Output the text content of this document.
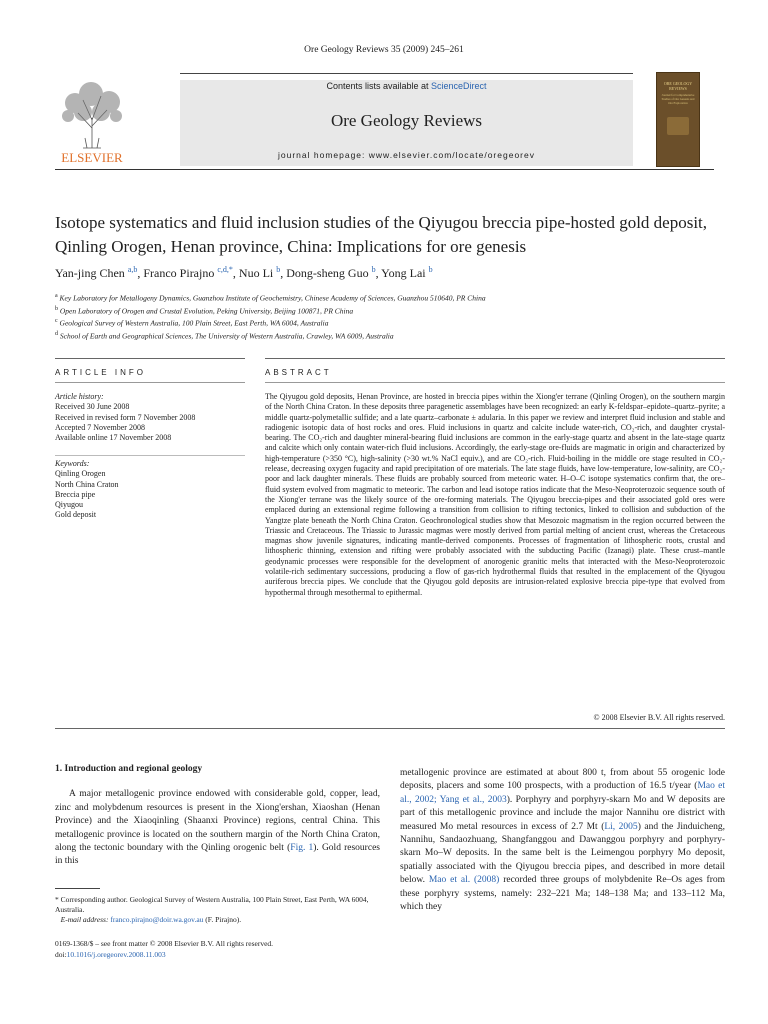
Ore Geology Reviews 35 (2009) 245–261
ELSEVIER
Contents lists available at ScienceDirect
Ore Geology Reviews
journal homepage: www.elsevier.com/locate/oregeorev
ORE GEOLOGY REVIEWS
Journal for Comprehensive Studies of Ore Genesis and Ore Exploration
Isotope systematics and fluid inclusion studies of the Qiyugou breccia pipe-hosted gold deposit, Qinling Orogen, Henan province, China: Implications for ore genesis
Yan-jing Chen $^{a,b}$, Franco Pirajno $^{c,d,*}$, Nuo Li $^b$, Dong-sheng Guo $^b$, Yong Lai $^b$
$^a$ Key Laboratory for Metallogeny Dynamics, Guanzhou Institute of Geochemistry, Chinese Academy of Sciences, Guanzhou 510640, PR China
$^b$ Open Laboratory of Orogen and Crustal Evolution, Peking University, Beijing 100871, PR China
$^c$ Geological Survey of Western Australia, 100 Plain Street, East Perth, WA 6004, Australia
$^d$ School of Earth and Geographical Sciences, The University of Western Australia, Crawley, WA 6009, Australia
ARTICLE INFO	ABSTRACT
Article history:
Received 30 June 2008
Received in revised form 7 November 2008
Accepted 7 November 2008
Available online 17 November 2008
Keywords:
Qinling Orogen
North China Craton
Breccia pipe
Qiyugou
Gold deposit
The Qiyugou gold deposits, Henan Province, are hosted in breccia pipes within the Xiong'er terrane (Qinling Orogen), on the southern margin of the North China Craton. In these deposits three paragenetic assemblages have been recognized: an early K-feldspar–epidote–quartz–pyrite; a middle quartz-polymetallic sulfide; and a late quartz–carbonate ± adularia. In this paper we review and interpret fluid inclusion and stable and radiogenic isotopic data of host rocks and ores. Fluid inclusions in quartz and calcite include water-rich, CO₂-rich, and daughter crystal-bearing. The CO₂-rich and daughter mineral-bearing fluid inclusions are common in the early-stage quartz and absent in the late-stage quartz and calcite which only contain water-rich fluid inclusions. Accordingly, the early-stage ore-fluids are magmatic in origin and characterized by high-temperature (>350 °C), high-salinity (>30 wt.% NaCl equiv.), and are CO₂-rich. Fluid-boiling in the middle ore stage resulted in CO₂-release, decreasing oxygen fugacity and rapid precipitation of ore materials. The late stage fluids, have low-temperature, low-salinity, are CO₂-poor and lack daughter minerals. These fluids are probably sourced from meteoric water. H–O–C isotope systematics confirm that, the ore–fluid system evolved from magmatic to meteoric. The carbon and lead isotope ratios indicate that the Meso-Neoproterozoic sequence south of the Xiong'er terrane was the likely source of the ore-forming materials. The Qiyugou breccia-pipes and their associated gold ores were emplaced during an extensional regime following a transition from collision to rifting tectonics, linked to collision and subduction of the Yangtze plate beneath the North China Craton. Geochronological studies show that Mesozoic magmatism in the region occurred between the Triassic and Cretaceous. The Triassic to Jurassic magmas were mostly derived from partial melting of ancient crust, whereas the Cretaceous magmas show juvenile signatures, indicating mantle-derived components. Processes of fragmentation of lithospheric roots, crustal and lithospheric thinning, extension and rifting were probably associated with the subducting Pacific (Izanagi) plate. These crust–mantle geodynamic processes were responsible for the development of anorogenic granitic melts that interacted with the Meso-Neoproterozoic volatile-rich sedimentary successions, producing a flow of gas-rich hydrothermal fluids that resulted in the emplacement of the Qiyugou auriferous breccia pipes. We conclude that the Qiyugou gold deposits are intrusion-related explosive breccia pipe-type that evolved from hypothermal through mesothermal to epithermal.
© 2008 Elsevier B.V. All rights reserved.
1. Introduction and regional geology

A major metallogenic province endowed with considerable gold, copper, lead, zinc and molybdenum resources is present in the Xiong'ershan, Xiaoshan (Henan Province) and the Xiaoqinling (Shaanxi Province) regions, central China. This metallogenic province is located on the southern margin of the North China Craton, along the tectonic boundary with the Qinling orogenic belt (Fig. 1). Gold resources in this

metallogenic province are estimated at about 800 t, from about 55 orogenic lode deposits, placers and some 100 prospects, with a production of 16.5 t/year (Mao et al., 2002; Yang et al., 2003). Porphyry and porphyry-skarn Mo and W deposits are part of this metallogenic province and include the major Nannihu ore district with measured Mo metal resources in excess of 2.7 Mt (Li, 2005) and the Jinduicheng, Nannihu, Sandaozhuang, Shangfanggou and Dawanggou porphyry and porphyry-skarn Mo–W deposits. In the same belt is the Leimengou porphyry Mo deposit, spatially associated with the Qiyugou breccia pipes, and described in more detail below. Mao et al. (2008) recorded three groups of molybdenite Re–Os ages from these porphyry systems, namely: 232–221 Ma; 148–138 Ma; and 133–112 Ma, which they

* Corresponding author. Geological Survey of Western Australia, 100 Plain Street, East Perth, WA 6004, Australia.

E-mail address: franco.pirajno@doir.wa.gov.au (F. Pirajno).

0169-1368/$ – see front matter © 2008 Elsevier B.V. All rights reserved.
doi:10.1016/j.oregeorev.2008.11.003
